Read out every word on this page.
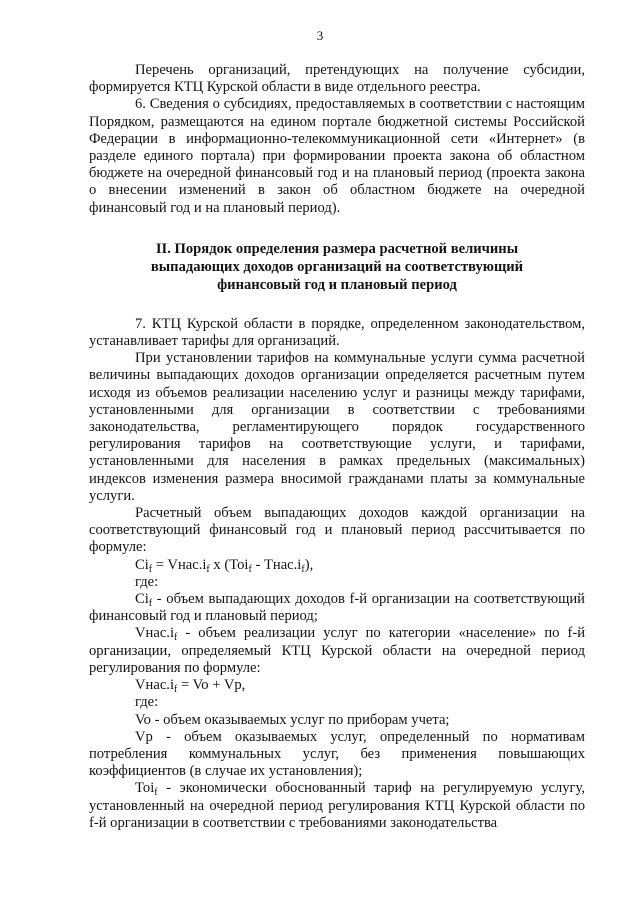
3

Перечень организаций, претендующих на получение субсидии, формируется КТЦ Курской области в виде отдельного реестра.

6. Сведения о субсидиях, предоставляемых в соответствии с настоящим Порядком, размещаются на едином портале бюджетной системы Российской Федерации в информационно-телекоммуникационной сети «Интернет» (в разделе единого портала) при формировании проекта закона об областном бюджете на очередной финансовый год и на плановый период (проекта закона о внесении изменений в закон об областном бюджете на очередной финансовый год и на плановый период).

II. Порядок определения размера расчетной величины
выпадающих доходов организаций на соответствующий
финансовый год и плановый период

7. КТЦ Курской области в порядке, определенном законодательством, устанавливает тарифы для организаций.

При установлении тарифов на коммунальные услуги сумма расчетной величины выпадающих доходов организации определяется расчетным путем исходя из объемов реализации населению услуг и разницы между тарифами, установленными для организации в соответствии с требованиями законодательства, регламентирующего порядок государственного регулирования тарифов на соответствующие услуги, и тарифами, установленными для населения в рамках предельных (максимальных) индексов изменения размера вносимой гражданами платы за коммунальные услуги.

Расчетный объем выпадающих доходов каждой организации на соответствующий финансовый год и плановый период рассчитывается по формуле:

$Ci_f$ = $Vнас.i_f$ х $(Toi_f - Тнас.i_f)$,

где:

$Ci_f$ - объем выпадающих доходов f-й организации на соответствующий финансовый год и плановый период;

$Vнас.i_f$ - объем реализации услуг по категории «население» по f-й организации, определяемый КТЦ Курской области на очередной период регулирования по формуле:

$Vнас.i_f = Vo + Vp$,

где:

Vo - объем оказываемых услуг по приборам учета;

Vp - объем оказываемых услуг, определенный по нормативам потребления коммунальных услуг, без применения повышающих коэффициентов (в случае их установления);

Toi$_f$ - экономически обоснованный тариф на регулируемую услугу, установленный на очередной период регулирования КТЦ Курской области по f-й организации в соответствии с требованиями законодательства
